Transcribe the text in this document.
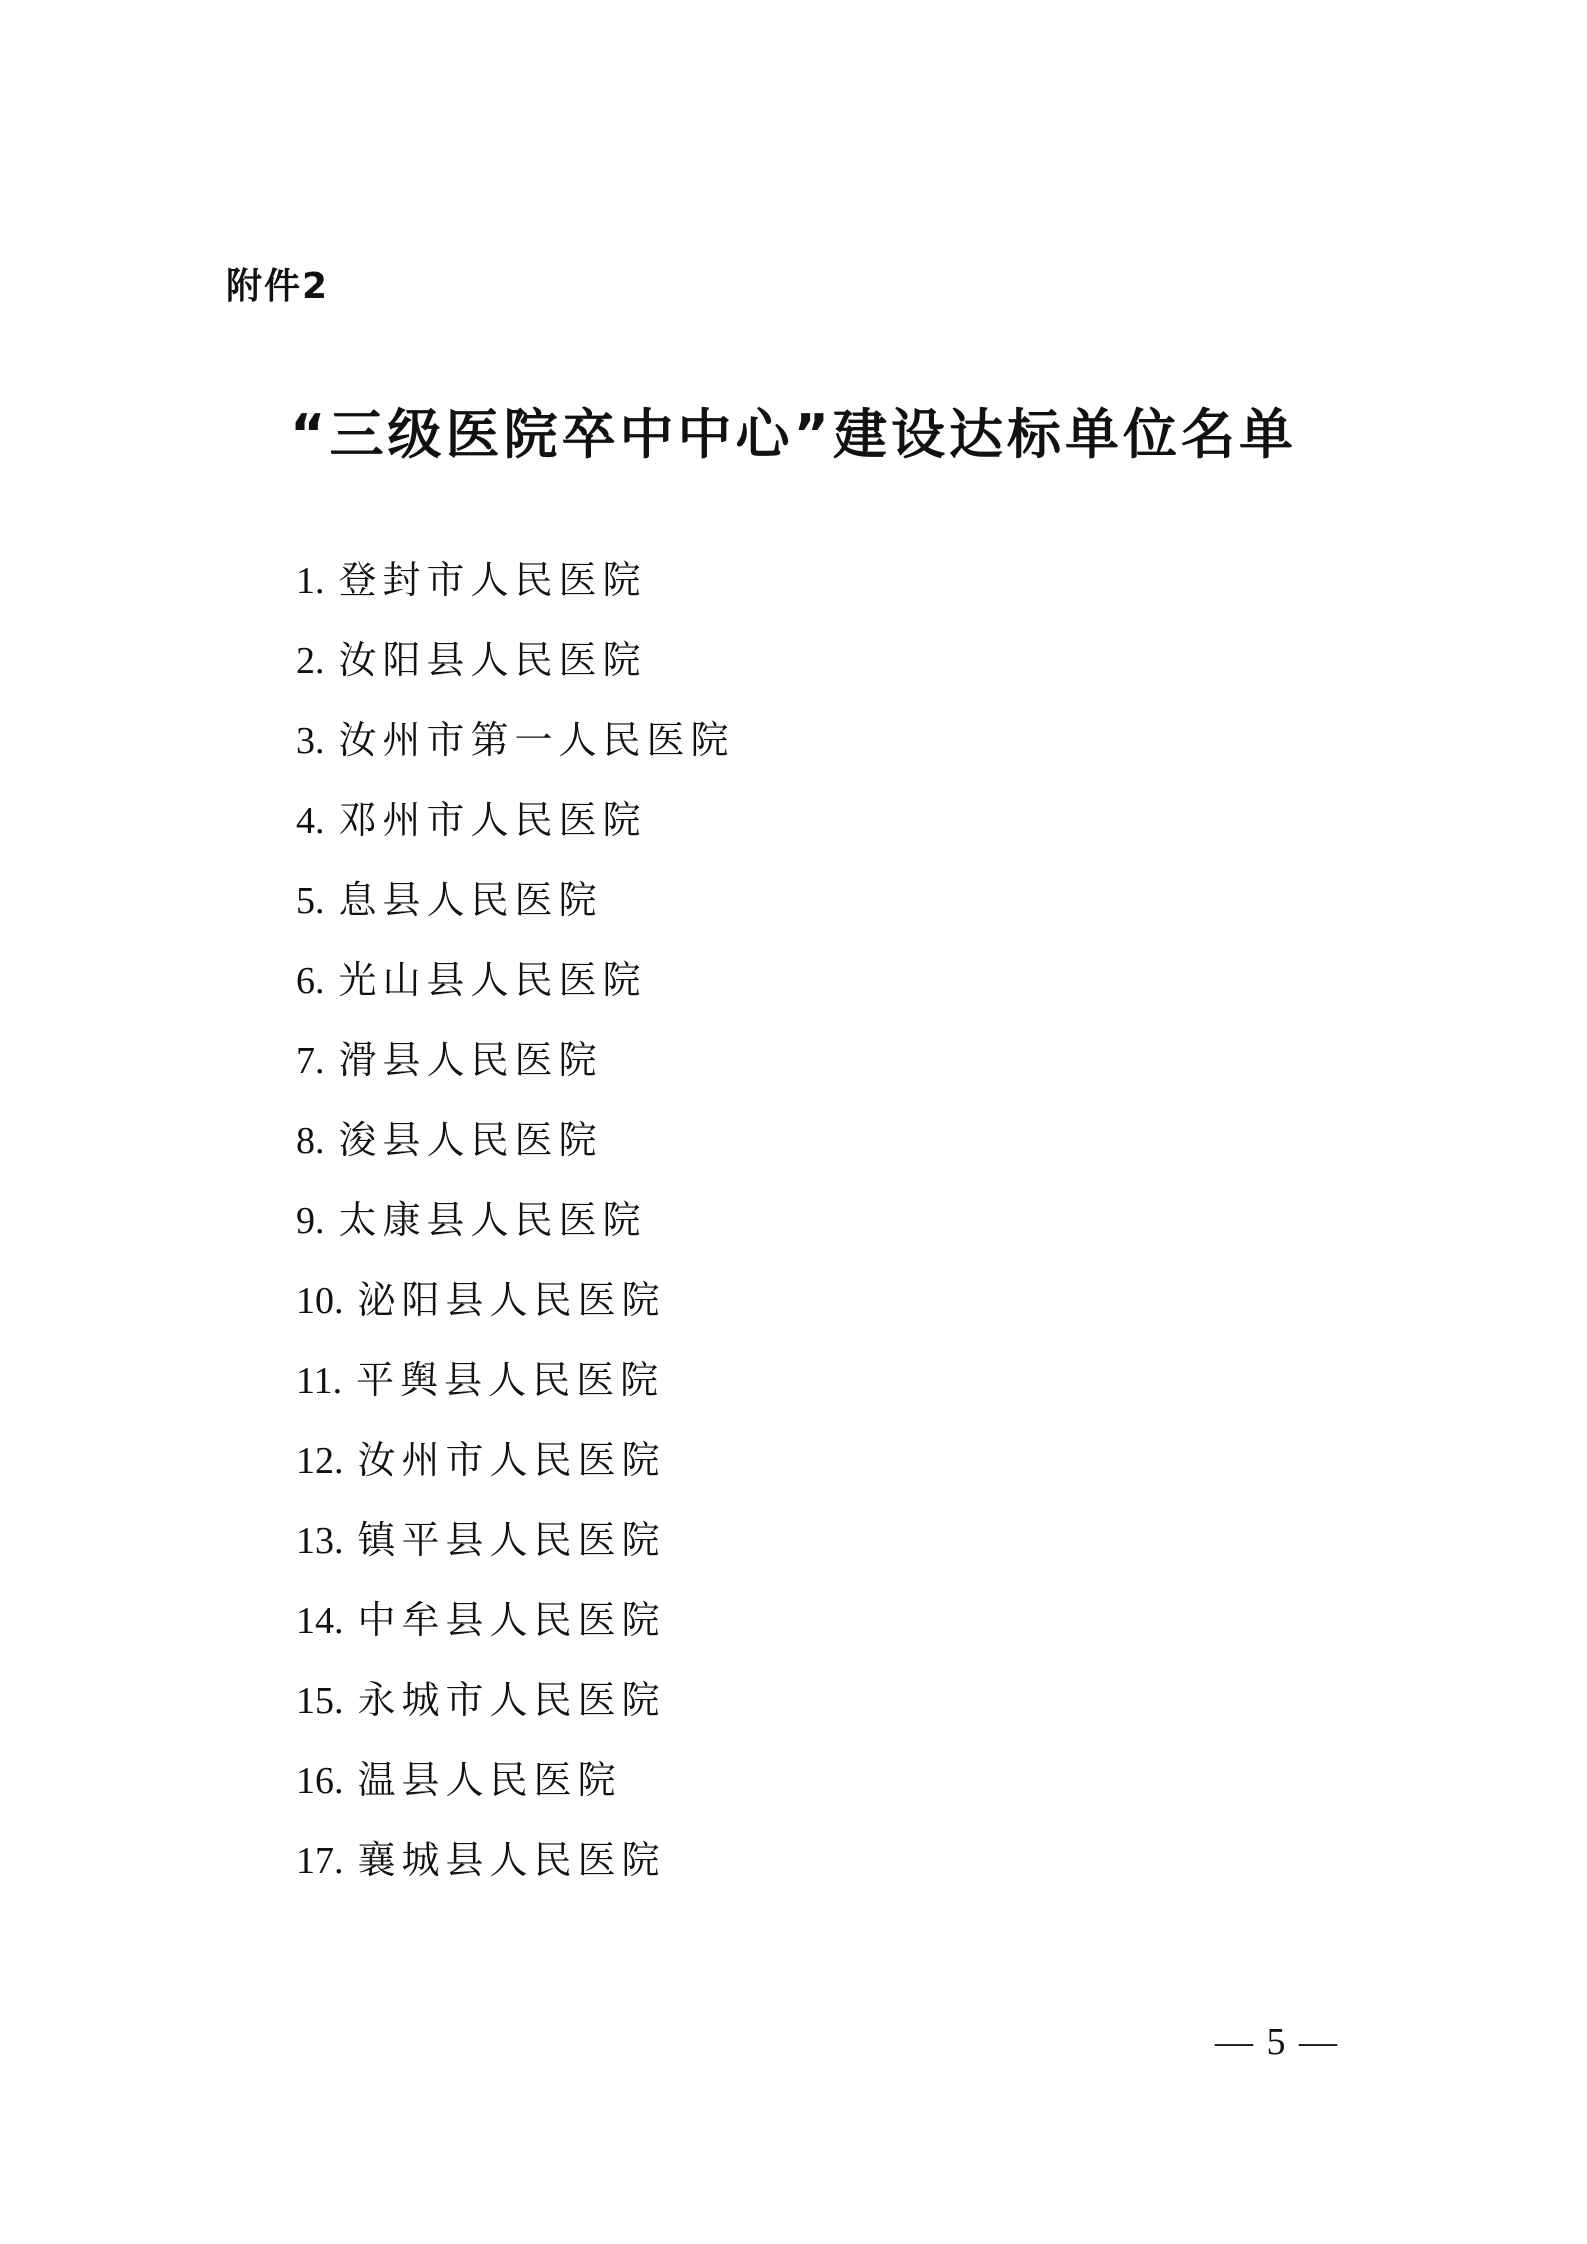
附件2
“三级医院卒中中心”建设达标单位名单
1. 登封市人民医院
2. 汝阳县人民医院
3. 汝州市第一人民医院
4. 邓州市人民医院
5. 息县人民医院
6. 光山县人民医院
7. 滑县人民医院
8. 浚县人民医院
9. 太康县人民医院
10. 泌阳县人民医院
11. 平舆县人民医院
12. 汝州市人民医院
13. 镇平县人民医院
14. 中牟县人民医院
15. 永城市人民医院
16. 温县人民医院
17. 襄城县人民医院
— 5 —
